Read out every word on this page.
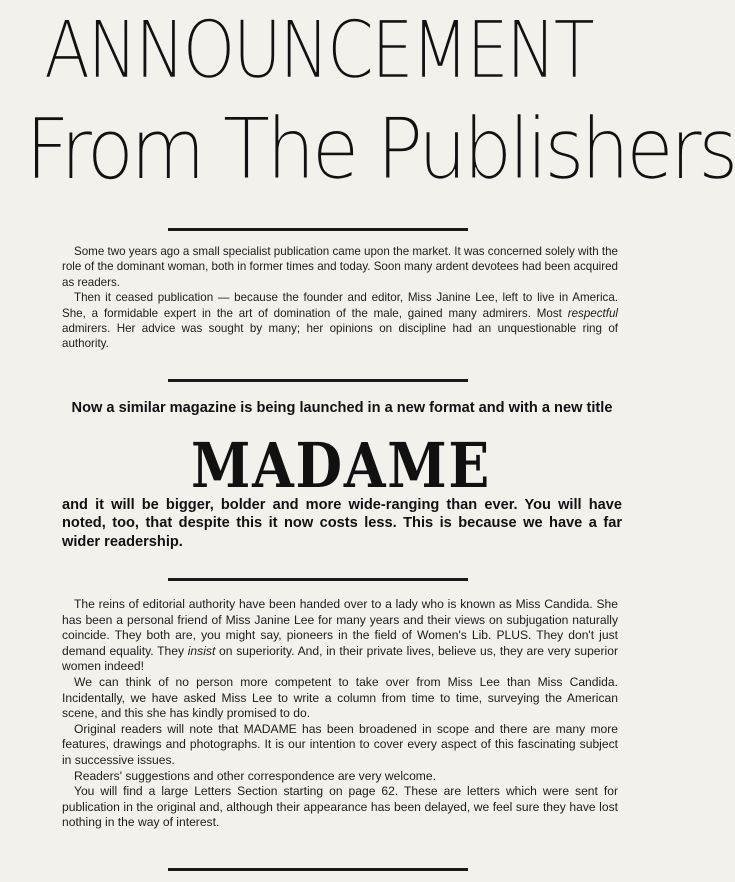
ANNOUNCEMENT
From The Publishers

Some two years ago a small specialist publication came upon the market. It was concerned solely with the role of the dominant woman, both in former times and today. Soon many ardent devotees had been acquired as readers.

Then it ceased publication — because the founder and editor, Miss Janine Lee, left to live in America. She, a formidable expert in the art of domination of the male, gained many admirers. Most respectful admirers. Her advice was sought by many; her opinions on discipline had an unquestionable ring of authority.

Now a similar magazine is being launched in a new format and with a new title
MADAME
and it will be bigger, bolder and more wide-ranging than ever. You will have noted, too, that despite this it now costs less. This is because we have a far wider readership.

The reins of editorial authority have been handed over to a lady who is known as Miss Candida. She has been a personal friend of Miss Janine Lee for many years and their views on subjugation naturally coincide. They both are, you might say, pioneers in the field of Women's Lib. PLUS. They don't just demand equality. They insist on superiority. And, in their private lives, believe us, they are very superior women indeed!

We can think of no person more competent to take over from Miss Lee than Miss Candida. Incidentally, we have asked Miss Lee to write a column from time to time, surveying the American scene, and this she has kindly promised to do.

Original readers will note that MADAME has been broadened in scope and there are many more features, drawings and photographs. It is our intention to cover every aspect of this fascinating subject in successive issues.

Readers' suggestions and other correspondence are very welcome.

You will find a large Letters Section starting on page 62. These are letters which were sent for publication in the original and, although their appearance has been delayed, we feel sure they have lost nothing in the way of interest.
